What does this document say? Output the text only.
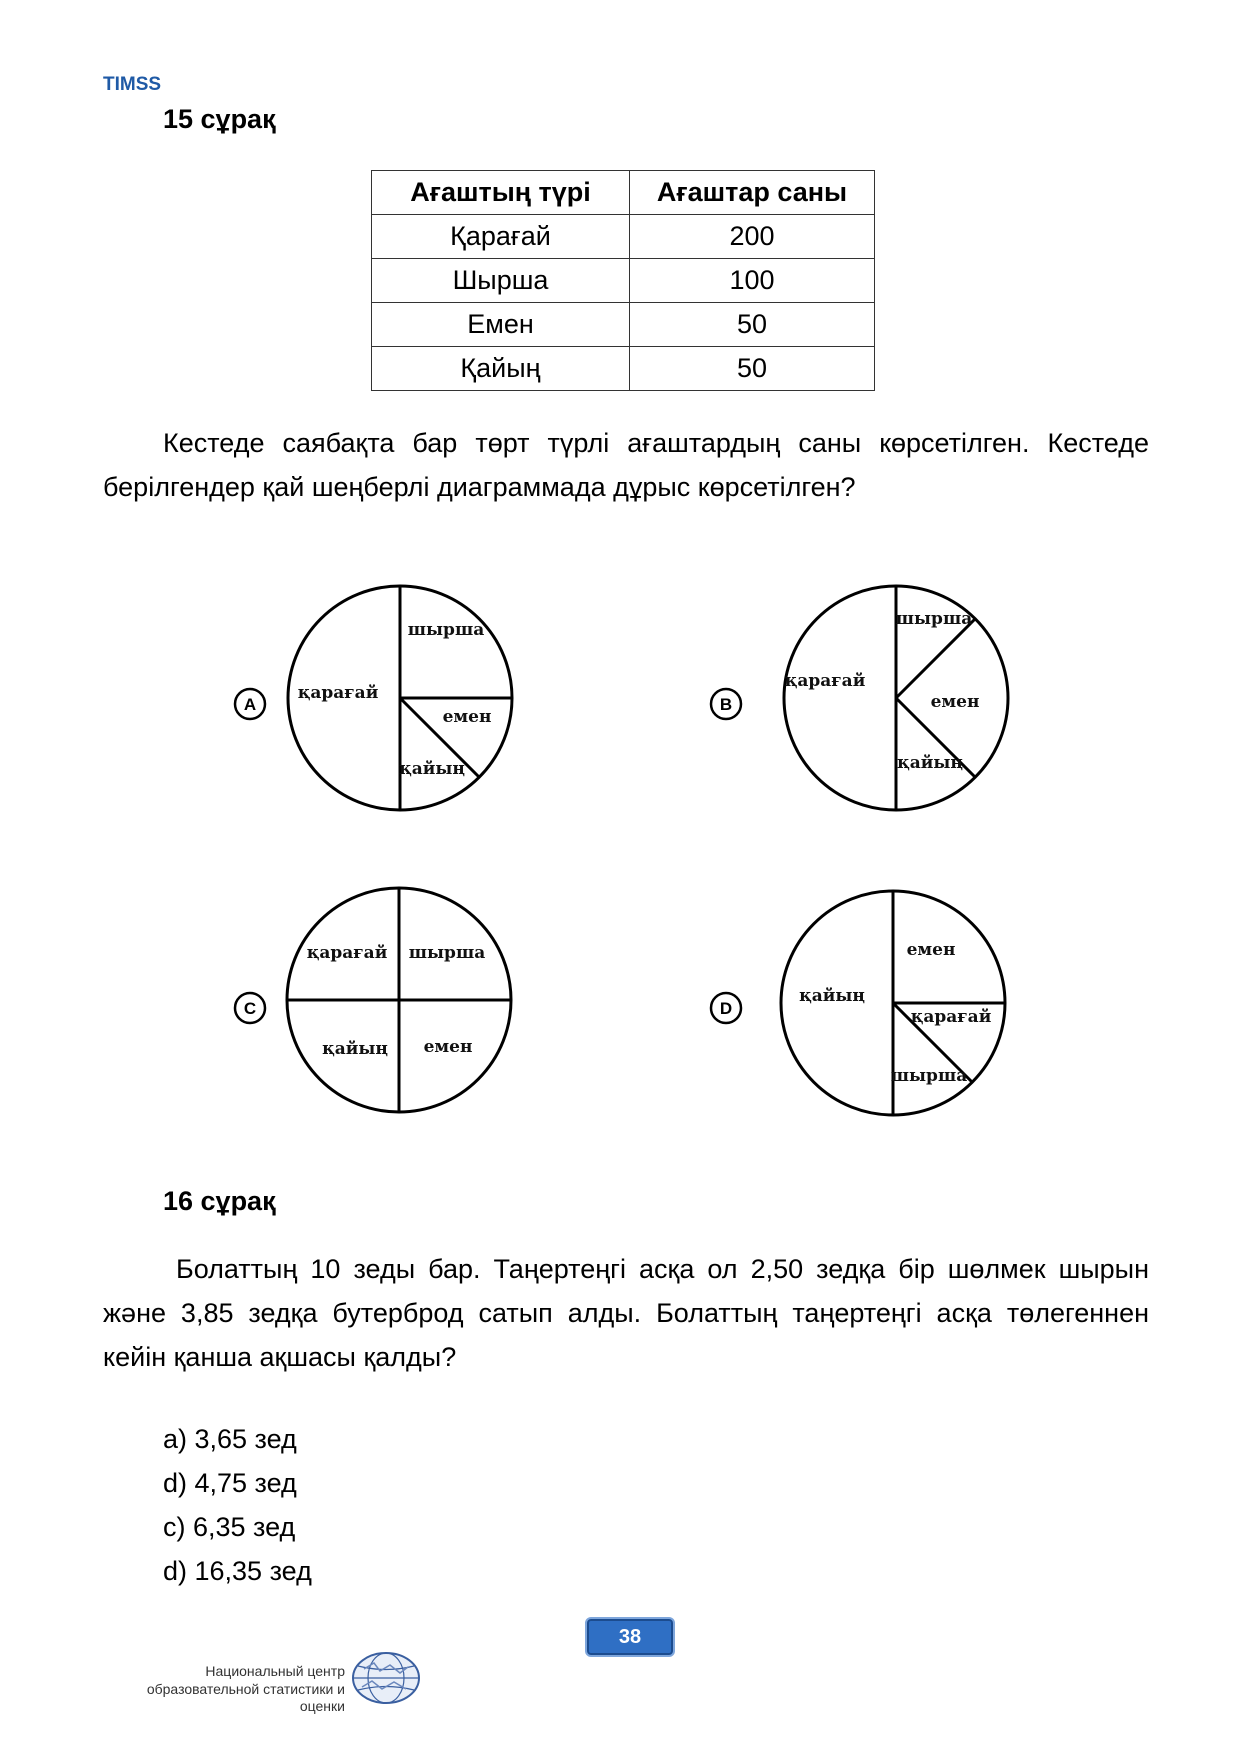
TIMSS
15 сұрақ
Ағаштың түрі	Ағаштар саны
Қарағай	200
Шырша	100
Емен	50
Қайың	50
Кестеде саябақта бар төрт түрлі ағаштардың саны көрсетілген. Кестеде берілгендер қай шеңберлі диаграммада дұрыс көрсетілген?
A
қарағай
шырша
емен
қайың
B
қарағай
шырша
емен
қайың
C
қарағай шырша
қайың емен
D
қайың
емен
қарағай
шырша
16 сұрақ
Болаттың 10 зеды бар. Таңертеңгі асқа ол 2,50 зедқа бір шөлмек шырын және 3,85 зедқа бутерброд сатып алды. Болаттың таңертеңгі асқа төлегеннен кейін қанша ақшасы қалды?
a) 3,65 зед
d) 4,75 зед
c) 6,35 зед
d) 16,35 зед
38
Национальный центр
образовательной статистики и оценки
